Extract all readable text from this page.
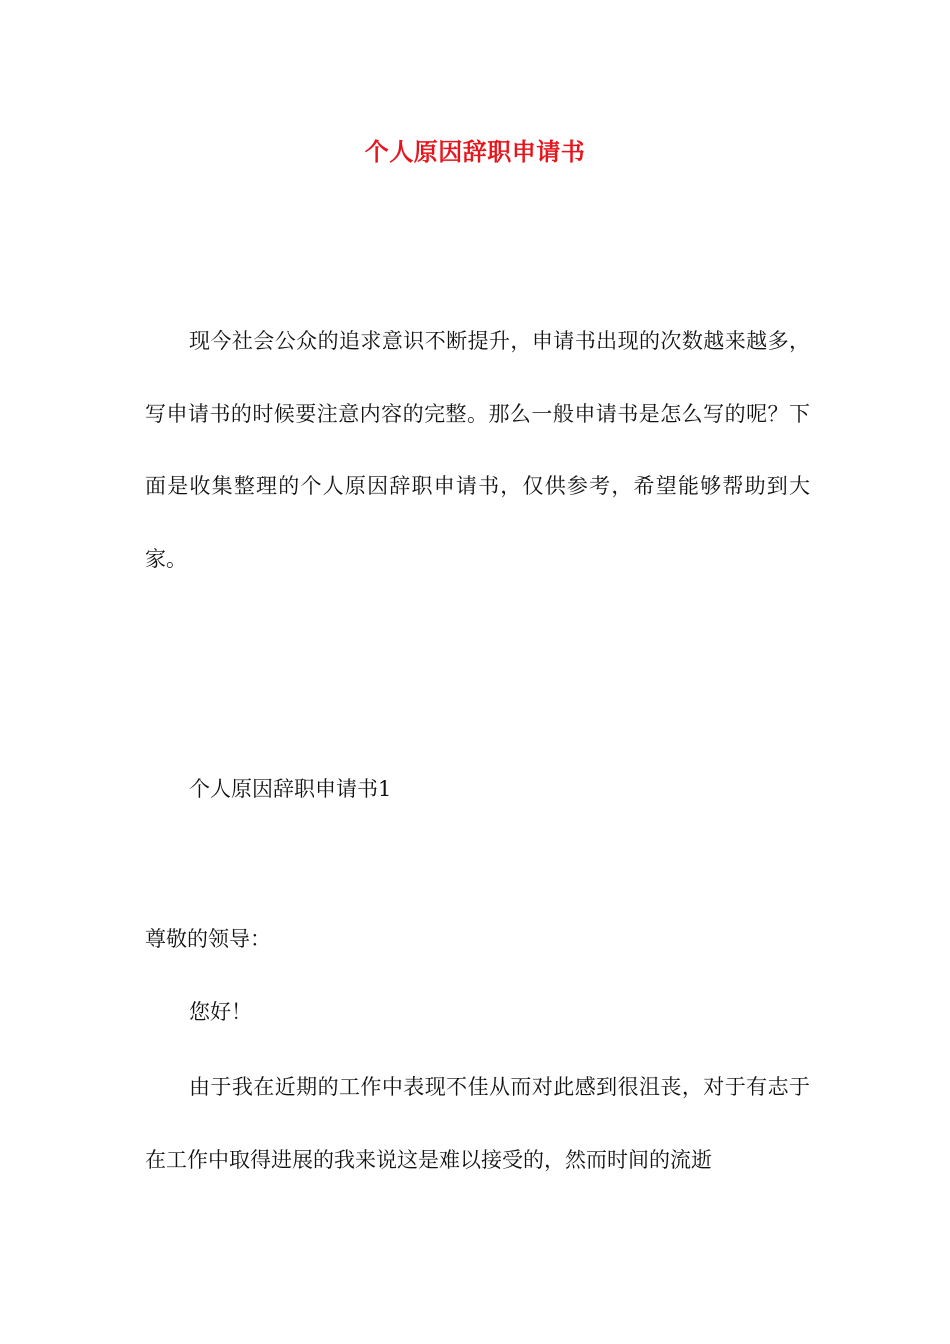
个人原因辞职申请书
现今社会公众的追求意识不断提升，申请书出现的次数越来越多，写申请书的时候要注意内容的完整。那么一般申请书是怎么写的呢？下面是收集整理的个人原因辞职申请书，仅供参考，希望能够帮助到大家。
个人原因辞职申请书1
尊敬的领导：
您好！
由于我在近期的工作中表现不佳从而对此感到很沮丧，对于有志于在工作中取得进展的我来说这是难以接受的，然而时间的流逝
